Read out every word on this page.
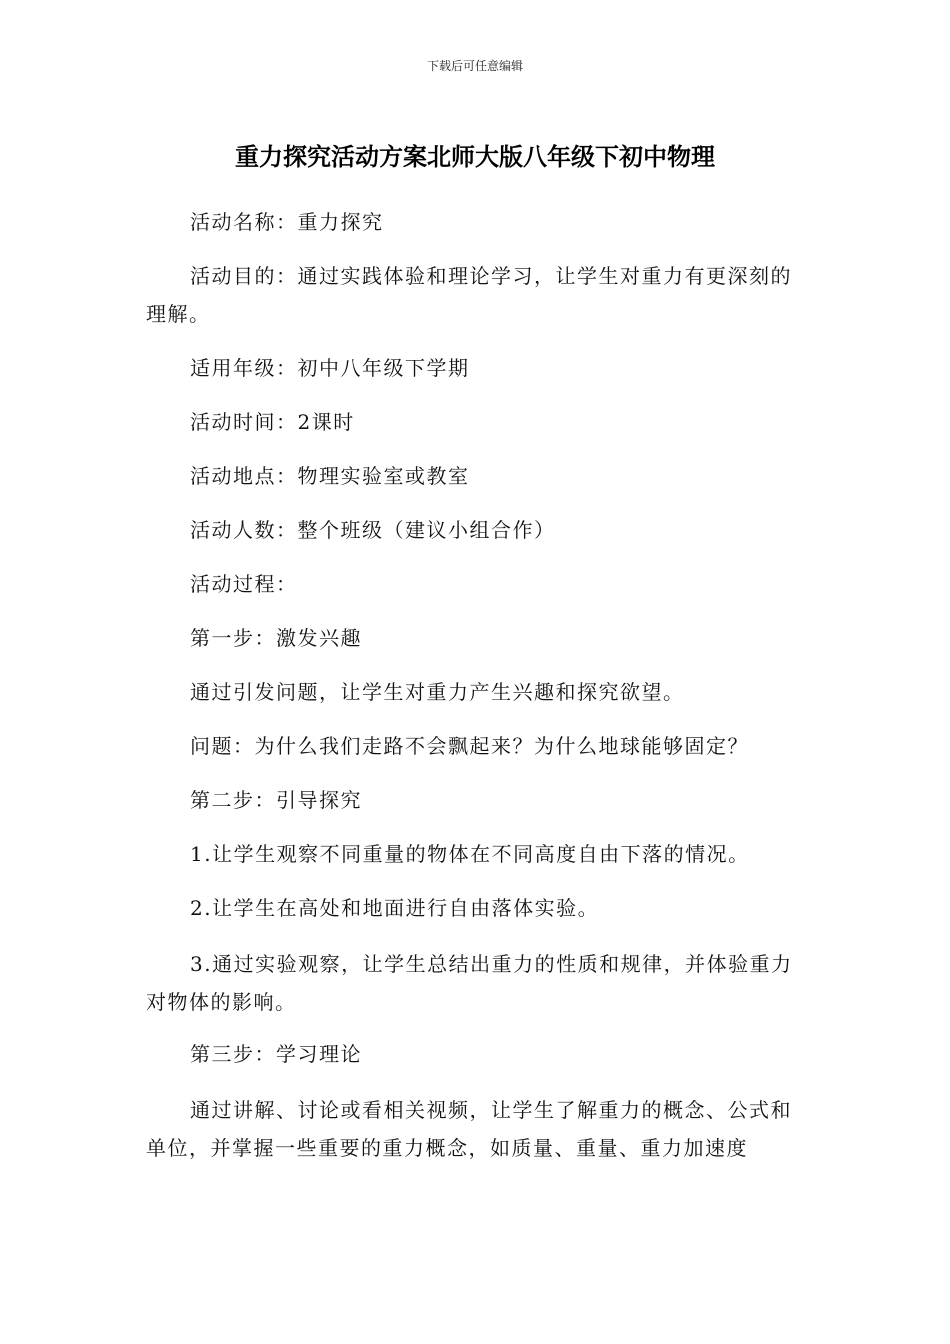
下载后可任意编辑
重力探究活动方案北师大版八年级下初中物理

活动名称：重力探究

活动目的：通过实践体验和理论学习，让学生对重力有更深刻的理解。

适用年级：初中八年级下学期

活动时间：2课时

活动地点：物理实验室或教室

活动人数：整个班级（建议小组合作）

活动过程：

第一步：激发兴趣

通过引发问题，让学生对重力产生兴趣和探究欲望。

问题：为什么我们走路不会飘起来？为什么地球能够固定？

第二步：引导探究

1.让学生观察不同重量的物体在不同高度自由下落的情况。

2.让学生在高处和地面进行自由落体实验。

3.通过实验观察，让学生总结出重力的性质和规律，并体验重力对物体的影响。

第三步：学习理论

通过讲解、讨论或看相关视频，让学生了解重力的概念、公式和单位，并掌握一些重要的重力概念，如质量、重量、重力加速度
